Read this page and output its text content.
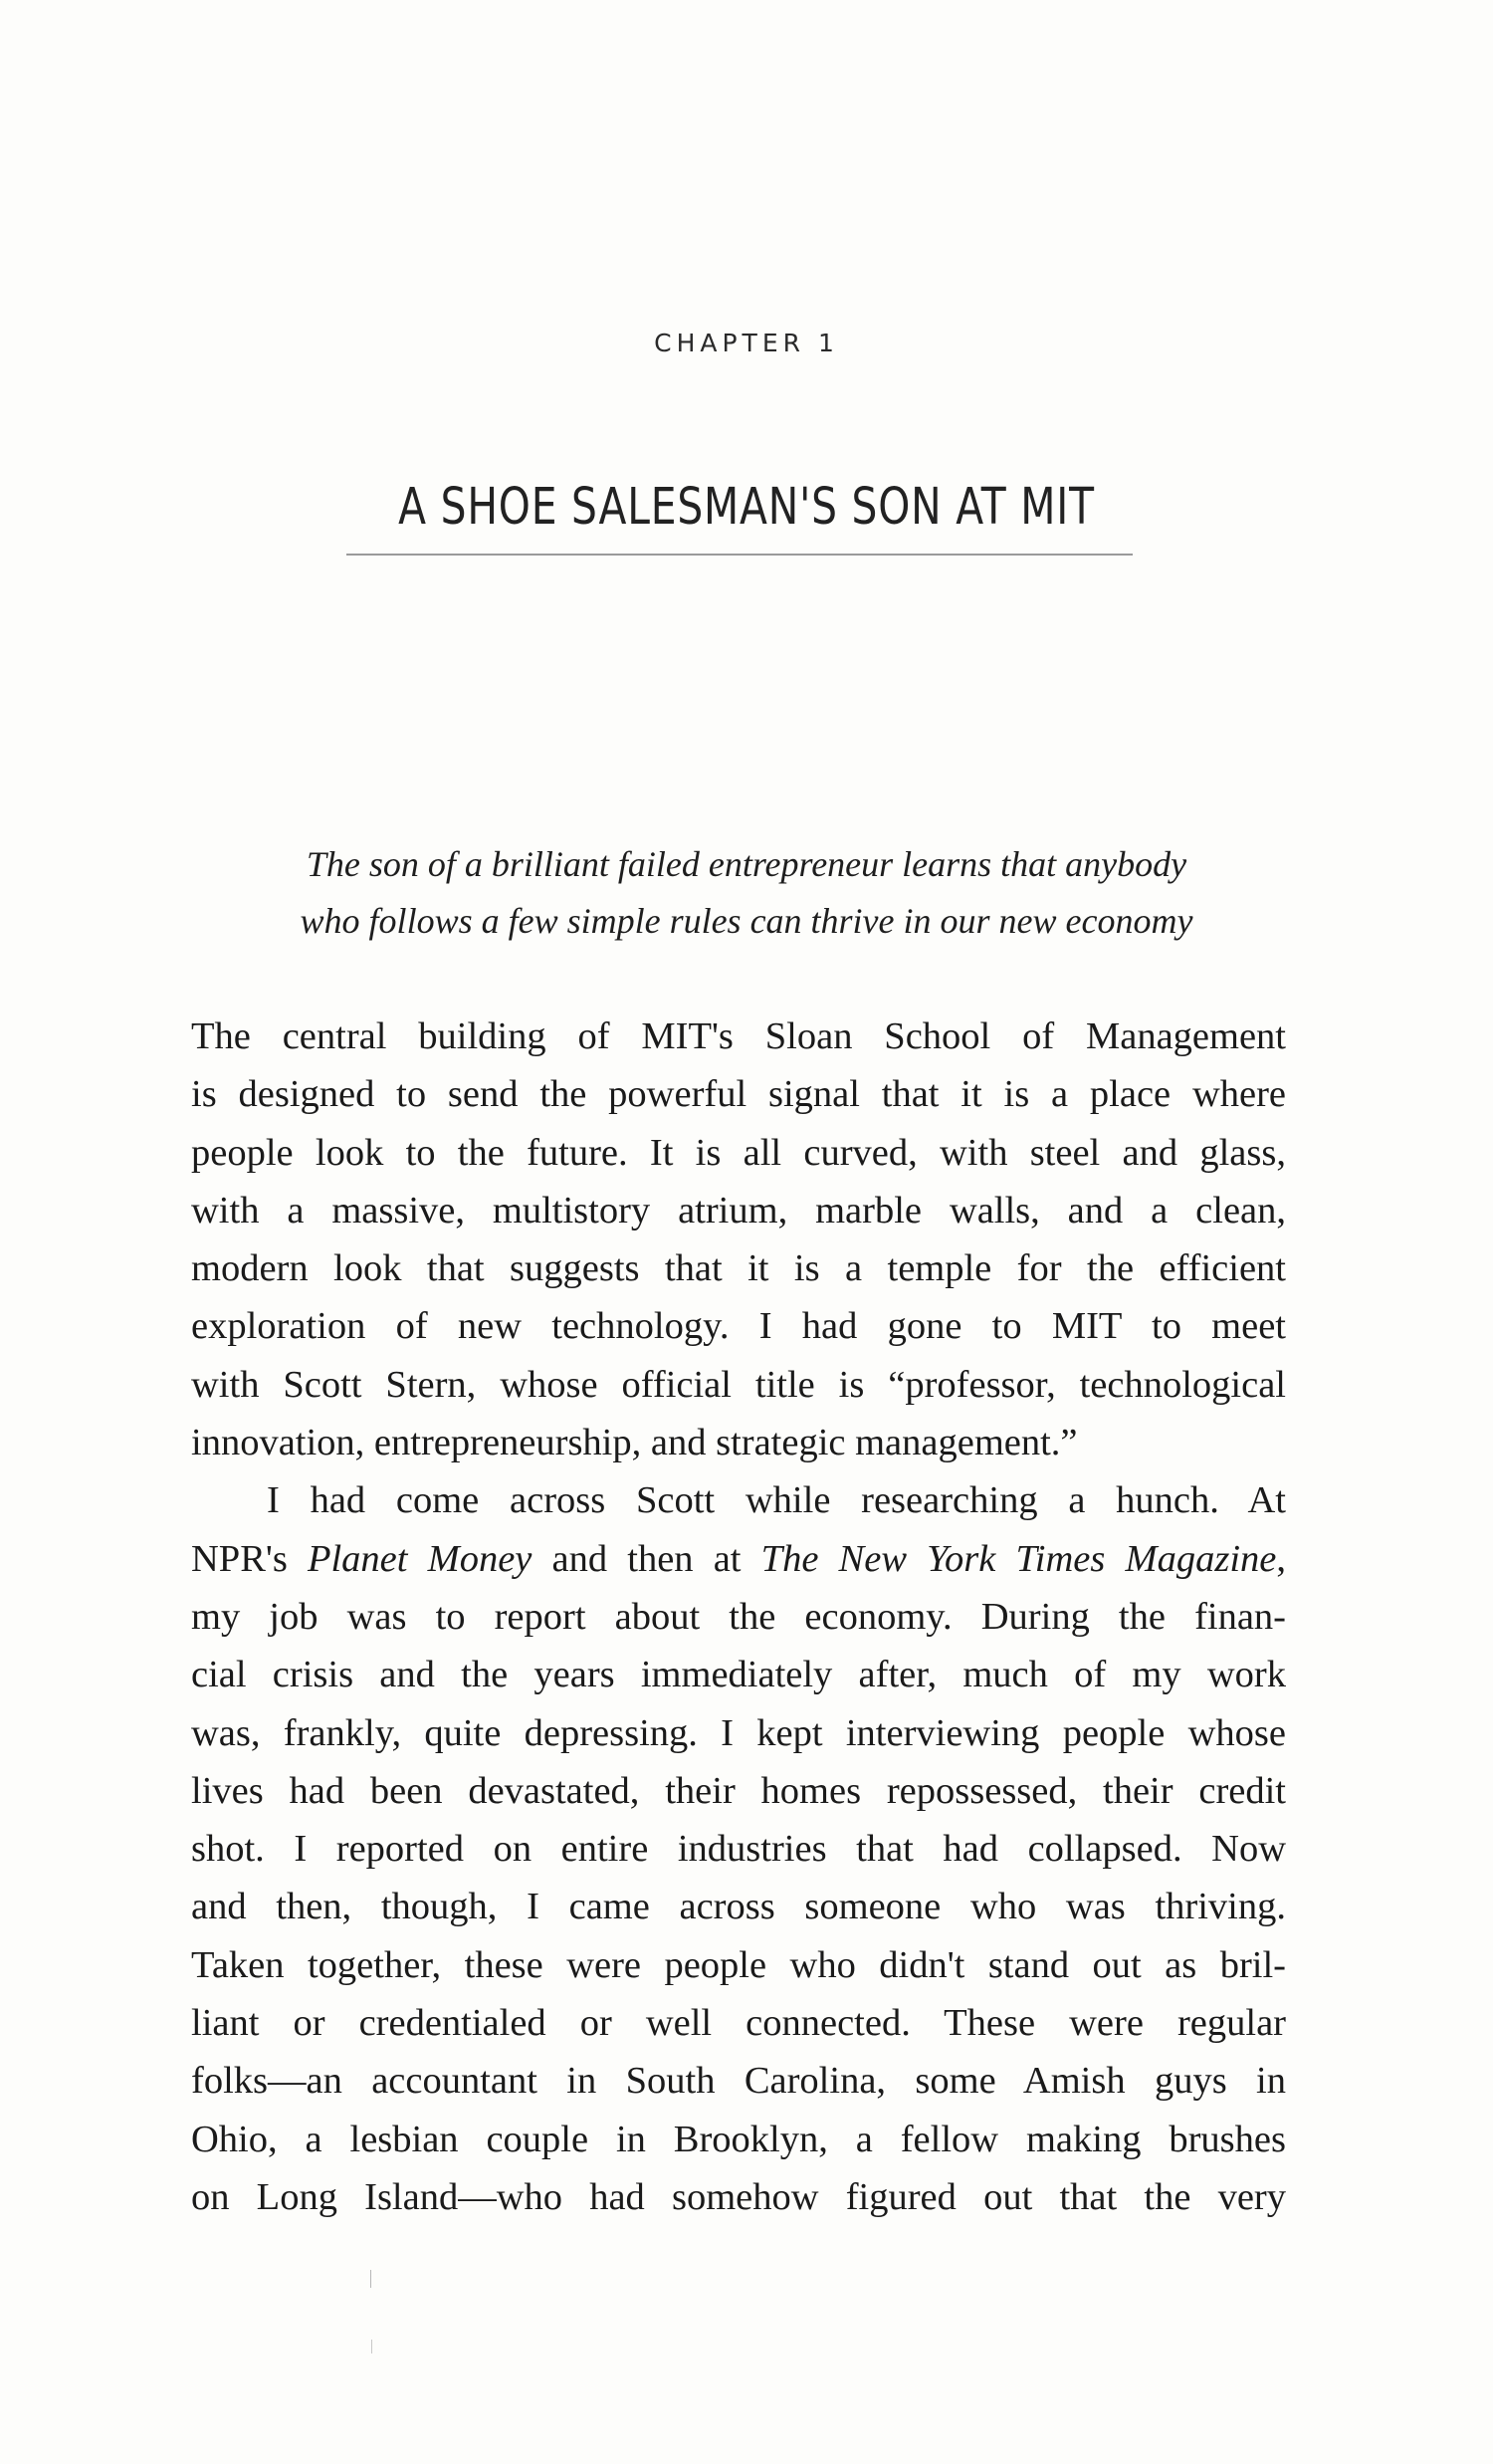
CHAPTER 1
A SHOE SALESMAN'S SON AT MIT
The son of a brilliant failed entrepreneur learns that anybody
who follows a few simple rules can thrive in our new economy
The central building of MIT's Sloan School of Management
is designed to send the powerful signal that it is a place where
people look to the future. It is all curved, with steel and glass,
with a massive, multistory atrium, marble walls, and a clean,
modern look that suggests that it is a temple for the efficient
exploration of new technology. I had gone to MIT to meet
with Scott Stern, whose official title is “professor, technological
innovation, entrepreneurship, and strategic management.”
I had come across Scott while researching a hunch. At
NPR's Planet Money and then at The New York Times Magazine,
my job was to report about the economy. During the finan-
cial crisis and the years immediately after, much of my work
was, frankly, quite depressing. I kept interviewing people whose
lives had been devastated, their homes repossessed, their credit
shot. I reported on entire industries that had collapsed. Now
and then, though, I came across someone who was thriving.
Taken together, these were people who didn't stand out as bril-
liant or credentialed or well connected. These were regular
folks—an accountant in South Carolina, some Amish guys in
Ohio, a lesbian couple in Brooklyn, a fellow making brushes
on Long Island—who had somehow figured out that the very
